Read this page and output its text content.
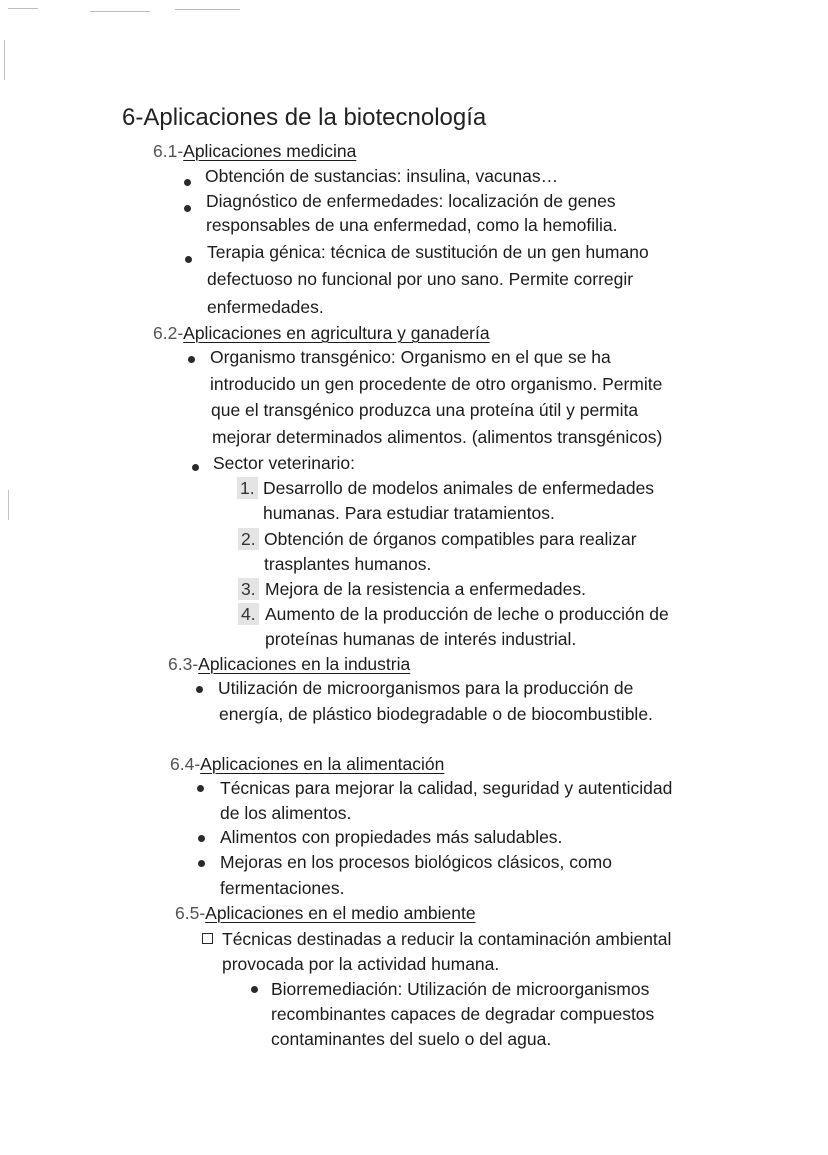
6-Aplicaciones de la biotecnología
6.1-Aplicaciones medicina
Obtención de sustancias: insulina, vacunas…
Diagnóstico de enfermedades: localización de genes
responsables de una enfermedad, como la hemofilia.
Terapia génica: técnica de sustitución de un gen humano
defectuoso no funcional por uno sano. Permite corregir
enfermedades.
6.2-Aplicaciones en agricultura y ganadería
Organismo transgénico: Organismo en el que se ha
introducido un gen procedente de otro organismo. Permite
que el transgénico produzca una proteína útil y permita
mejorar determinados alimentos. (alimentos transgénicos)
Sector veterinario:
1. Desarrollo de modelos animales de enfermedades
humanas. Para estudiar tratamientos.
2. Obtención de órganos compatibles para realizar
trasplantes humanos.
3. Mejora de la resistencia a enfermedades.
4. Aumento de la producción de leche o producción de
proteínas humanas de interés industrial.
6.3-Aplicaciones en la industria
Utilización de microorganismos para la producción de
energía, de plástico biodegradable o de biocombustible.
6.4-Aplicaciones en la alimentación
Técnicas para mejorar la calidad, seguridad y autenticidad
de los alimentos.
Alimentos con propiedades más saludables.
Mejoras en los procesos biológicos clásicos, como
fermentaciones.
6.5-Aplicaciones en el medio ambiente
Técnicas destinadas a reducir la contaminación ambiental
provocada por la actividad humana.
Biorremediación: Utilización de microorganismos
recombinantes capaces de degradar compuestos
contaminantes del suelo o del agua.
